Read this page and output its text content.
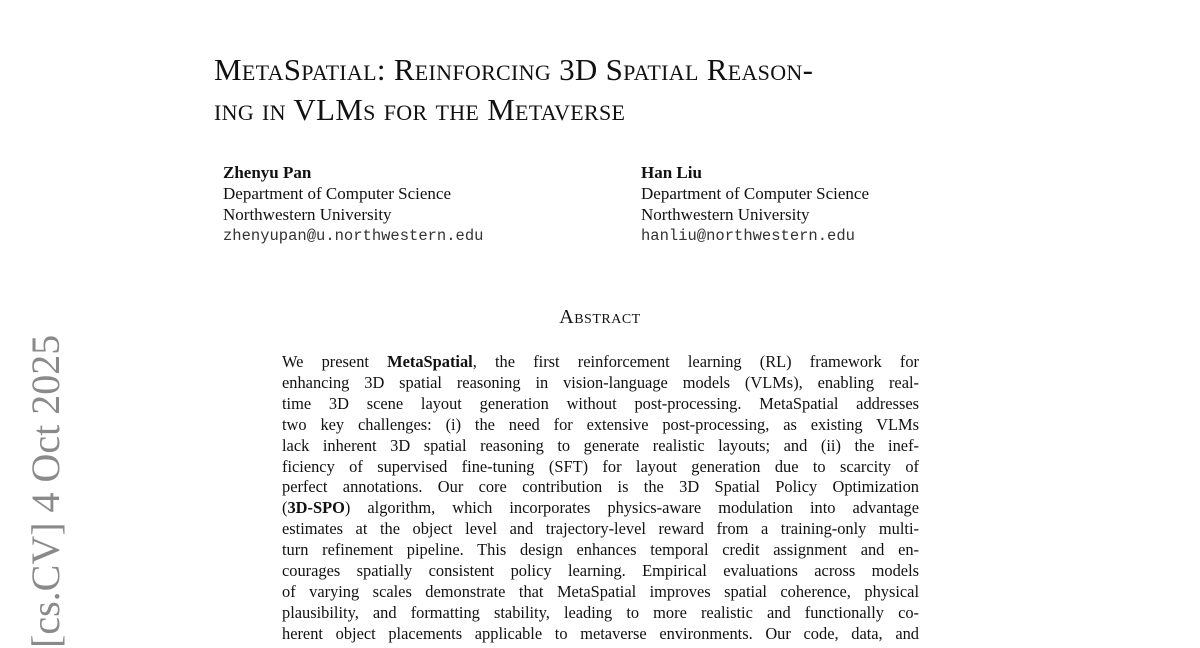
MetaSpatial: Reinforcing 3D Spatial Reason-
ing in VLMs for the Metaverse
Zhenyu Pan
Department of Computer Science
Northwestern University
zhenyupan@u.northwestern.edu
Han Liu
Department of Computer Science
Northwestern University
hanliu@northwestern.edu
Abstract
We present MetaSpatial, the first reinforcement learning (RL) framework for
enhancing 3D spatial reasoning in vision-language models (VLMs), enabling real-
time 3D scene layout generation without post-processing. MetaSpatial addresses
two key challenges: (i) the need for extensive post-processing, as existing VLMs
lack inherent 3D spatial reasoning to generate realistic layouts; and (ii) the inef-
ficiency of supervised fine-tuning (SFT) for layout generation due to scarcity of
perfect annotations. Our core contribution is the 3D Spatial Policy Optimization
(3D-SPO) algorithm, which incorporates physics-aware modulation into advantage
estimates at the object level and trajectory-level reward from a training-only multi-
turn refinement pipeline. This design enhances temporal credit assignment and en-
courages spatially consistent policy learning. Empirical evaluations across models
of varying scales demonstrate that MetaSpatial improves spatial coherence, physical
plausibility, and formatting stability, leading to more realistic and functionally co-
herent object placements applicable to metaverse environments. Our code, data, and
[cs.CV] 4 Oct 2025
